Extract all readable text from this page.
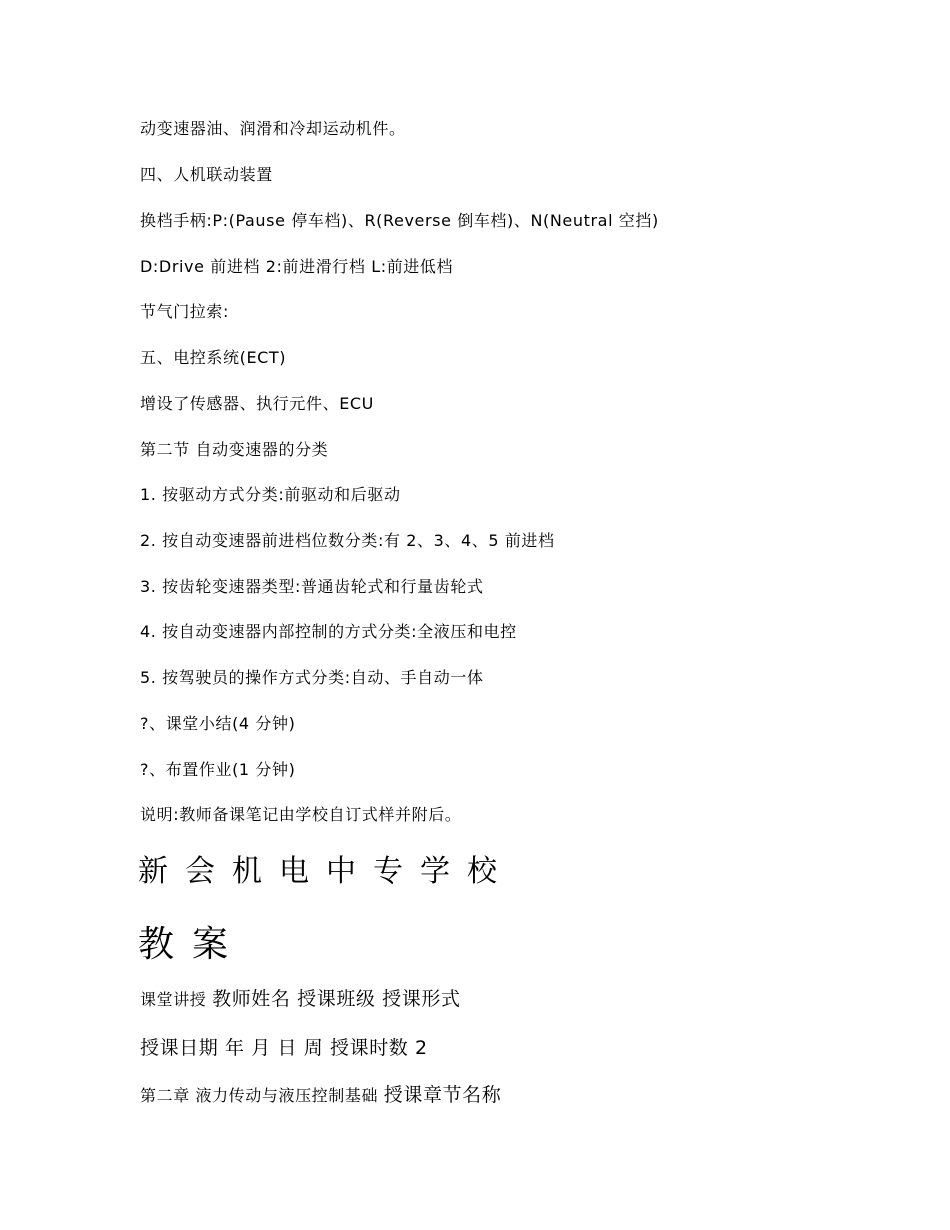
动变速器油、润滑和冷却运动机件。
四、人机联动装置
换档手柄:P:(Pause 停车档)、R(Reverse 倒车档)、N(Neutral 空挡)
D:Drive 前进档 2:前进滑行档 L:前进低档
节气门拉索:
五、电控系统(ECT)
增设了传感器、执行元件、ECU
第二节 自动变速器的分类
1. 按驱动方式分类:前驱动和后驱动
2. 按自动变速器前进档位数分类:有 2、3、4、5 前进档
3. 按齿轮变速器类型:普通齿轮式和行量齿轮式
4. 按自动变速器内部控制的方式分类:全液压和电控
5. 按驾驶员的操作方式分类:自动、手自动一体
?、课堂小结(4 分钟)
?、布置作业(1 分钟)
说明:教师备课笔记由学校自订式样并附后。
新会机电中专学校
教案
课堂讲授 教师姓名 授课班级 授课形式
授课日期 年 月 日 周 授课时数 2
第二章 液力传动与液压控制基础 授课章节名称
